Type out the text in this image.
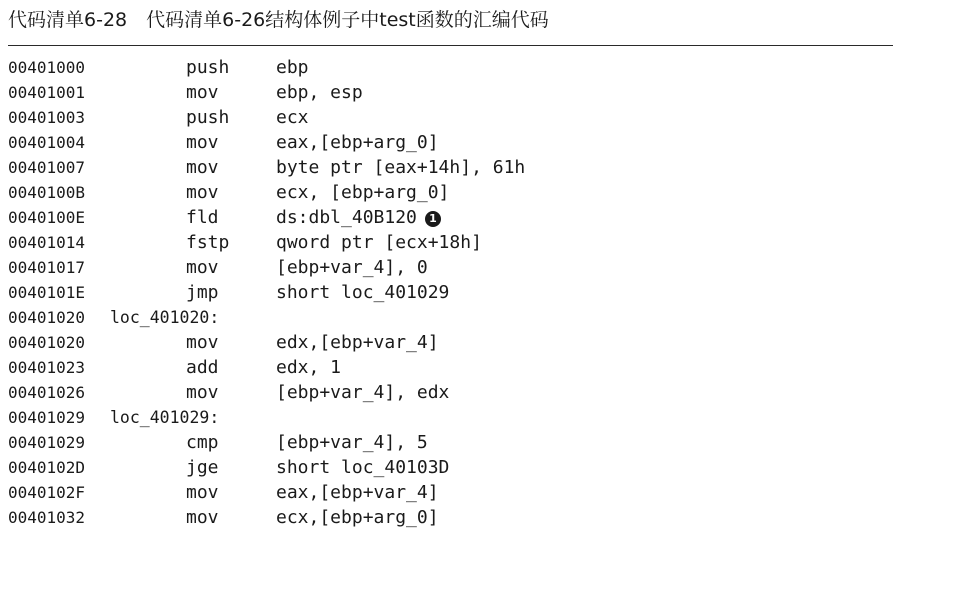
代码清单6-28　代码清单6-26结构体例子中test函数的汇编代码
00401000	push	ebp
00401001	mov	ebp, esp
00401003	push	ecx
00401004	mov	eax,[ebp+arg_0]
00401007	mov	byte ptr [eax+14h], 61h
0040100B	mov	ecx, [ebp+arg_0]
0040100E	fld	ds:dbl_40B120 1
00401014	fstp	qword ptr [ecx+18h]
00401017	mov	[ebp+var_4], 0
0040101E	jmp	short loc_401029
00401020 loc_401020:
00401020	mov	edx,[ebp+var_4]
00401023	add	edx, 1
00401026	mov	[ebp+var_4], edx
00401029 loc_401029:
00401029	cmp	[ebp+var_4], 5
0040102D	jge	short loc_40103D
0040102F	mov	eax,[ebp+var_4]
00401032	mov	ecx,[ebp+arg_0]
